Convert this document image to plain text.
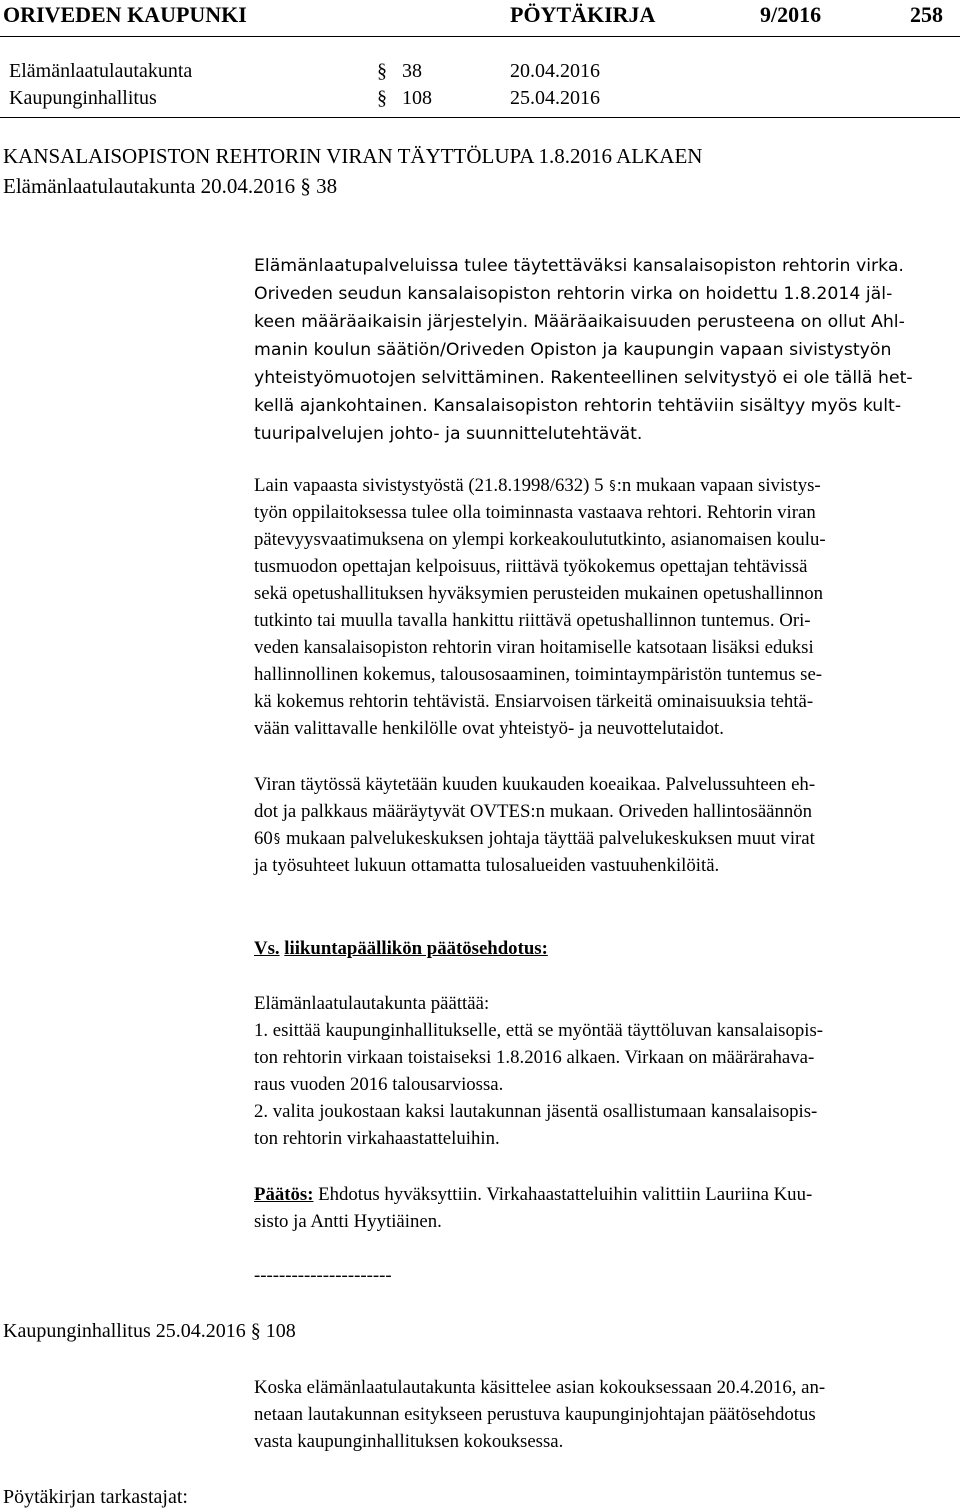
ORIVEDEN KAUPUNKI	PÖYTÄKIRJA	9/2016	258
Elämänlaatulautakunta	§ 38	20.04.2016
Kaupunginhallitus	§ 108	25.04.2016
KANSALAISOPISTON REHTORIN VIRAN TÄYTTÖLUPA 1.8.2016 ALKAEN
Elämänlaatulautakunta 20.04.2016 § 38
Elämänlaatupalveluissa tulee täytettäväksi kansalaisopiston rehtorin virka.
Oriveden seudun kansalaisopiston rehtorin virka on hoidettu 1.8.2014 jäl-
keen määräaikaisin järjestelyin. Määräaikaisuuden perusteena on ollut Ahl-
manin koulun säätiön/Oriveden Opiston ja kaupungin vapaan sivistystyön
yhteistyömuotojen selvittäminen. Rakenteellinen selvitystyö ei ole tällä het-
kellä ajankohtainen. Kansalaisopiston rehtorin tehtäviin sisältyy myös kult-
tuuripalvelujen johto- ja suunnittelutehtävät.
Lain vapaasta sivistystyöstä (21.8.1998/632) 5 §:n mukaan vapaan sivistys-
työn oppilaitoksessa tulee olla toiminnasta vastaava rehtori. Rehtorin viran
pätevyysvaatimuksena on ylempi korkeakoulututkinto, asianomaisen koulu-
tusmuodon opettajan kelpoisuus, riittävä työkokemus opettajan tehtävissä
sekä opetushallituksen hyväksymien perusteiden mukainen opetushallinnon
tutkinto tai muulla tavalla hankittu riittävä opetushallinnon tuntemus. Ori-
veden kansalaisopiston rehtorin viran hoitamiselle katsotaan lisäksi eduksi
hallinnollinen kokemus, talousosaaminen, toimintaympäristön tuntemus se-
kä kokemus rehtorin tehtävistä. Ensiarvoisen tärkeitä ominaisuuksia tehtä-
vään valittavalle henkilölle ovat yhteistyö- ja neuvottelutaidot.
Viran täytössä käytetään kuuden kuukauden koeaikaa. Palvelussuhteen eh-
dot ja palkkaus määräytyvät OVTES:n mukaan. Oriveden hallintosäännön
60§ mukaan palvelukeskuksen johtaja täyttää palvelukeskuksen muut virat
ja työsuhteet lukuun ottamatta tulosalueiden vastuuhenkilöitä.
Vs. liikuntapäällikön päätösehdotus:
Elämänlaatulautakunta päättää:
1. esittää kaupunginhallitukselle, että se myöntää täyttöluvan kansalaisopis-
ton rehtorin virkaan toistaiseksi 1.8.2016 alkaen. Virkaan on määrärahava-
raus vuoden 2016 talousarviossa.
2. valita joukostaan kaksi lautakunnan jäsentä osallistumaan kansalaisopis-
ton rehtorin virkahaastatteluihin.
Päätös: Ehdotus hyväksyttiin. Virkahaastatteluihin valittiin Lauriina Kuu-
sisto ja Antti Hyytiäinen.
----------------------
Kaupunginhallitus 25.04.2016 § 108
Koska elämänlaatulautakunta käsittelee asian kokouksessaan 20.4.2016, an-
netaan lautakunnan esitykseen perustuva kaupunginjohtajan päätösehdotus
vasta kaupunginhallituksen kokouksessa.
Pöytäkirjan tarkastajat:
